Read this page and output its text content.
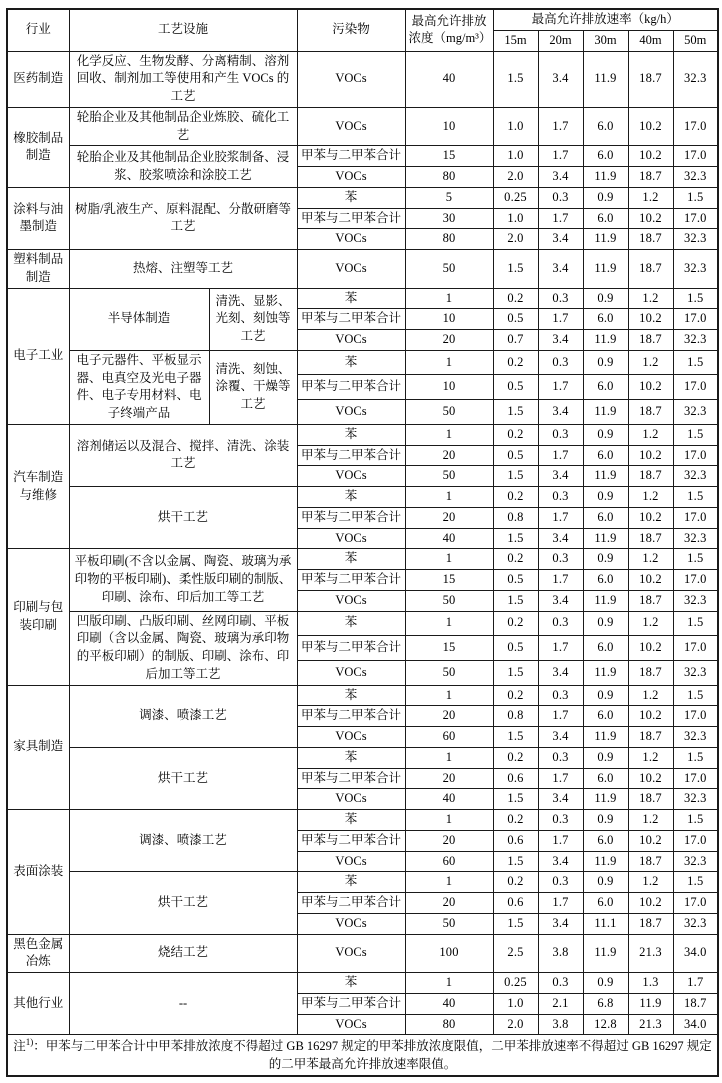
行业	工艺设施		污染物	最高允许排放
浓度（mg/m³）	最高允许排放速率（kg/h）				
					15m	20m	30m	40m	50m
医药制造	化学反应、生物发酵、分离精制、溶剂回收、制剂加工等使用和产生 VOCs 的工艺		VOCs	40	1.5	3.4	11.9	18.7	32.3
橡胶制品制造	轮胎企业及其他制品企业炼胶、硫化工艺		VOCs	10	1.0	1.7	6.0	10.2	17.0
	轮胎企业及其他制品企业胶浆制备、浸浆、胶浆喷涂和涂胶工艺		甲苯与二甲苯合计	15	1.0	1.7	6.0	10.2	17.0
			VOCs	80	2.0	3.4	11.9	18.7	32.3
涂料与油墨制造	树脂/乳液生产、原料混配、分散研磨等工艺		苯	5	0.25	0.3	0.9	1.2	1.5
			甲苯与二甲苯合计	30	1.0	1.7	6.0	10.2	17.0
			VOCs	80	2.0	3.4	11.9	18.7	32.3
塑料制品制造	热熔、注塑等工艺		VOCs	50	1.5	3.4	11.9	18.7	32.3
电子工业	半导体制造	清洗、显影、光刻、刻蚀等工艺	苯	1	0.2	0.3	0.9	1.2	1.5
			甲苯与二甲苯合计	10	0.5	1.7	6.0	10.2	17.0
			VOCs	20	0.7	3.4	11.9	18.7	32.3
	电子元器件、平板显示器、电真空及光电子器件、电子专用材料、电子终端产品	清洗、刻蚀、涂覆、干燥等工艺	苯	1	0.2	0.3	0.9	1.2	1.5
			甲苯与二甲苯合计	10	0.5	1.7	6.0	10.2	17.0
			VOCs	50	1.5	3.4	11.9	18.7	32.3
汽车制造与维修	溶剂储运以及混合、搅拌、清洗、涂装工艺		苯	1	0.2	0.3	0.9	1.2	1.5
			甲苯与二甲苯合计	20	0.5	1.7	6.0	10.2	17.0
			VOCs	50	1.5	3.4	11.9	18.7	32.3
	烘干工艺		苯	1	0.2	0.3	0.9	1.2	1.5
			甲苯与二甲苯合计	20	0.8	1.7	6.0	10.2	17.0
			VOCs	40	1.5	3.4	11.9	18.7	32.3
印刷与包装印刷	平板印刷(不含以金属、陶瓷、玻璃为承印物的平板印刷)、柔性版印刷的制版、印刷、涂布、印后加工等工艺		苯	1	0.2	0.3	0.9	1.2	1.5
			甲苯与二甲苯合计	15	0.5	1.7	6.0	10.2	17.0
			VOCs	50	1.5	3.4	11.9	18.7	32.3
	凹版印刷、凸版印刷、丝网印刷、平板印刷（含以金属、陶瓷、玻璃为承印物的平板印刷）的制版、印刷、涂布、印后加工等工艺		苯	1	0.2	0.3	0.9	1.2	1.5
			甲苯与二甲苯合计	15	0.5	1.7	6.0	10.2	17.0
			VOCs	50	1.5	3.4	11.9	18.7	32.3
家具制造	调漆、喷漆工艺		苯	1	0.2	0.3	0.9	1.2	1.5
			甲苯与二甲苯合计	20	0.8	1.7	6.0	10.2	17.0
			VOCs	60	1.5	3.4	11.9	18.7	32.3
	烘干工艺		苯	1	0.2	0.3	0.9	1.2	1.5
			甲苯与二甲苯合计	20	0.6	1.7	6.0	10.2	17.0
			VOCs	40	1.5	3.4	11.9	18.7	32.3
表面涂装	调漆、喷漆工艺		苯	1	0.2	0.3	0.9	1.2	1.5
			甲苯与二甲苯合计	20	0.6	1.7	6.0	10.2	17.0
			VOCs	60	1.5	3.4	11.9	18.7	32.3
	烘干工艺		苯	1	0.2	0.3	0.9	1.2	1.5
			甲苯与二甲苯合计	20	0.6	1.7	6.0	10.2	17.0
			VOCs	50	1.5	3.4	11.1	18.7	32.3
黑色金属冶炼	烧结工艺		VOCs	100	2.5	3.8	11.9	21.3	34.0
其他行业	--		苯	1	0.25	0.3	0.9	1.3	1.7
			甲苯与二甲苯合计	40	1.0	2.1	6.8	11.9	18.7
			VOCs	80	2.0	3.8	12.8	21.3	34.0
注$^{1)}$：甲苯与二甲苯合计中甲苯排放浓度不得超过 GB 16297 规定的甲苯排放浓度限值，二甲苯排放速率不得超过 GB 16297 规定的二甲苯最高允许排放速率限值。									
